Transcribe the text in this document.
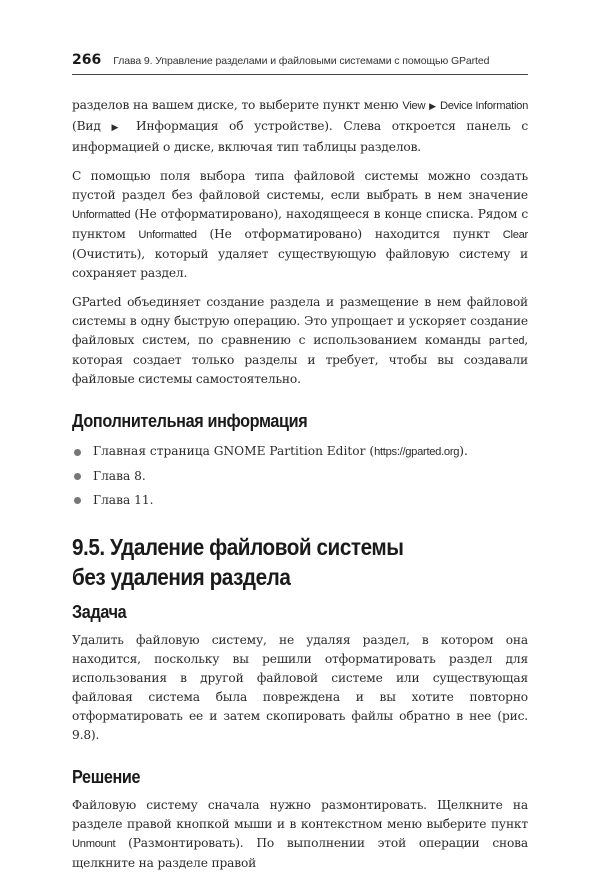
266 Глава 9. Управление разделами и файловыми системами с помощью GParted

разделов на вашем диске, то выберите пункт меню View ▶ Device Information (Вид ▶ Информация об устройстве). Слева откроется панель с информацией о диске, включая тип таблицы разделов.

С помощью поля выбора типа файловой системы можно создать пустой раздел без файловой системы, если выбрать в нем значение Unformatted (Не отформатировано), находящееся в конце списка. Рядом с пунктом Unformatted (Не отформатировано) находится пункт Clear (Очистить), который удаляет существующую файловую систему и сохраняет раздел.

GParted объединяет создание раздела и размещение в нем файловой системы в одну быструю операцию. Это упрощает и ускоряет создание файловых систем, по сравнению с использованием команды parted, которая создает только разделы и требует, чтобы вы создавали файловые системы самостоятельно.

Дополнительная информация
Главная страница GNOME Partition Editor (https://gparted.org).
Глава 8.
Глава 11.
9.5. Удаление файловой системы
без удаления раздела
Задача

Удалить файловую систему, не удаляя раздел, в котором она находится, поскольку вы решили отформатировать раздел для использования в другой файловой системе или существующая файловая система была повреждена и вы хотите повторно отформатировать ее и затем скопировать файлы обратно в нее (рис. 9.8).

Решение

Файловую систему сначала нужно размонтировать. Щелкните на разделе правой кнопкой мыши и в контекстном меню выберите пункт Unmount (Размонтировать). По выполнении этой операции снова щелкните на разделе правой
